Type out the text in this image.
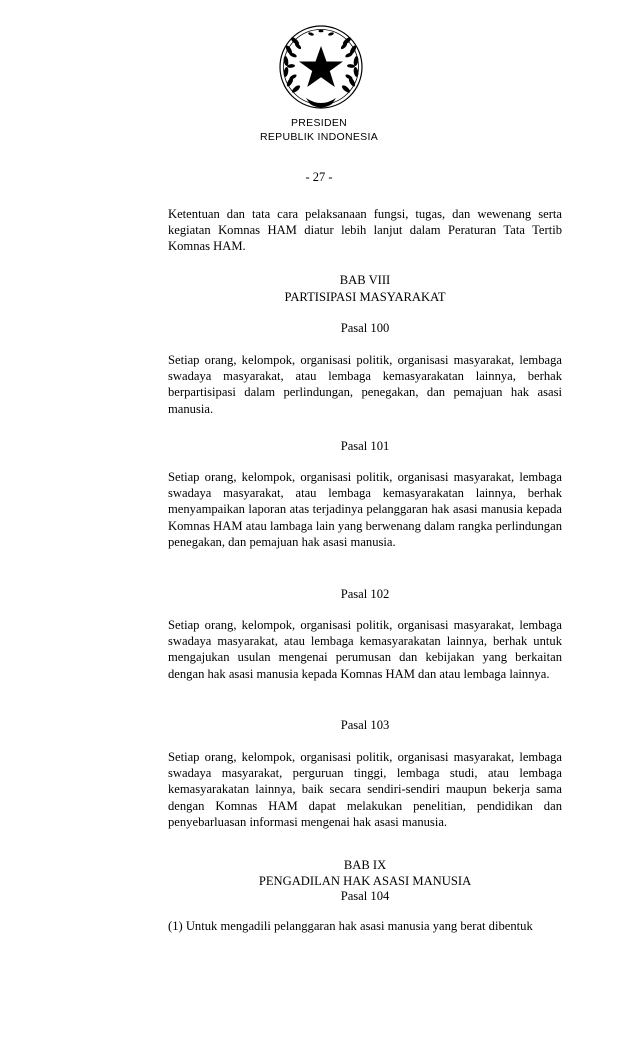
PRESIDEN
REPUBLIK INDONESIA
- 27 -

Ketentuan dan tata cara pelaksanaan fungsi, tugas, dan wewenang serta kegiatan Komnas HAM diatur lebih lanjut dalam Peraturan Tata Tertib Komnas HAM.

BAB VIII
PARTISIPASI MASYARAKAT
Pasal 100

Setiap orang, kelompok, organisasi politik, organisasi masyarakat, lembaga swadaya masyarakat, atau lembaga kemasyarakatan lainnya, berhak berpartisipasi dalam perlindungan, penegakan, dan pemajuan hak asasi manusia.

Pasal 101

Setiap orang, kelompok, organisasi politik, organisasi masyarakat, lembaga swadaya masyarakat, atau lembaga kemasyarakatan lainnya, berhak menyampaikan laporan atas terjadinya pelanggaran hak asasi manusia kepada Komnas HAM atau lambaga lain yang berwenang dalam rangka perlindungan penegakan, dan pemajuan hak asasi manusia.

Pasal 102

Setiap orang, kelompok, organisasi politik, organisasi masyarakat, lembaga swadaya masyarakat, atau lembaga kemasyarakatan lainnya, berhak untuk mengajukan usulan mengenai perumusan dan kebijakan yang berkaitan dengan hak asasi manusia kepada Komnas HAM dan atau lembaga lainnya.

Pasal 103

Setiap orang, kelompok, organisasi politik, organisasi masyarakat, lembaga swadaya masyarakat, perguruan tinggi, lembaga studi, atau lembaga kemasyarakatan lainnya, baik secara sendiri-sendiri maupun bekerja sama dengan Komnas HAM dapat melakukan penelitian, pendidikan dan penyebarluasan informasi mengenai hak asasi manusia.

BAB IX
PENGADILAN HAK ASASI MANUSIA
Pasal 104

(1) Untuk mengadili pelanggaran hak asasi manusia yang berat dibentuk
